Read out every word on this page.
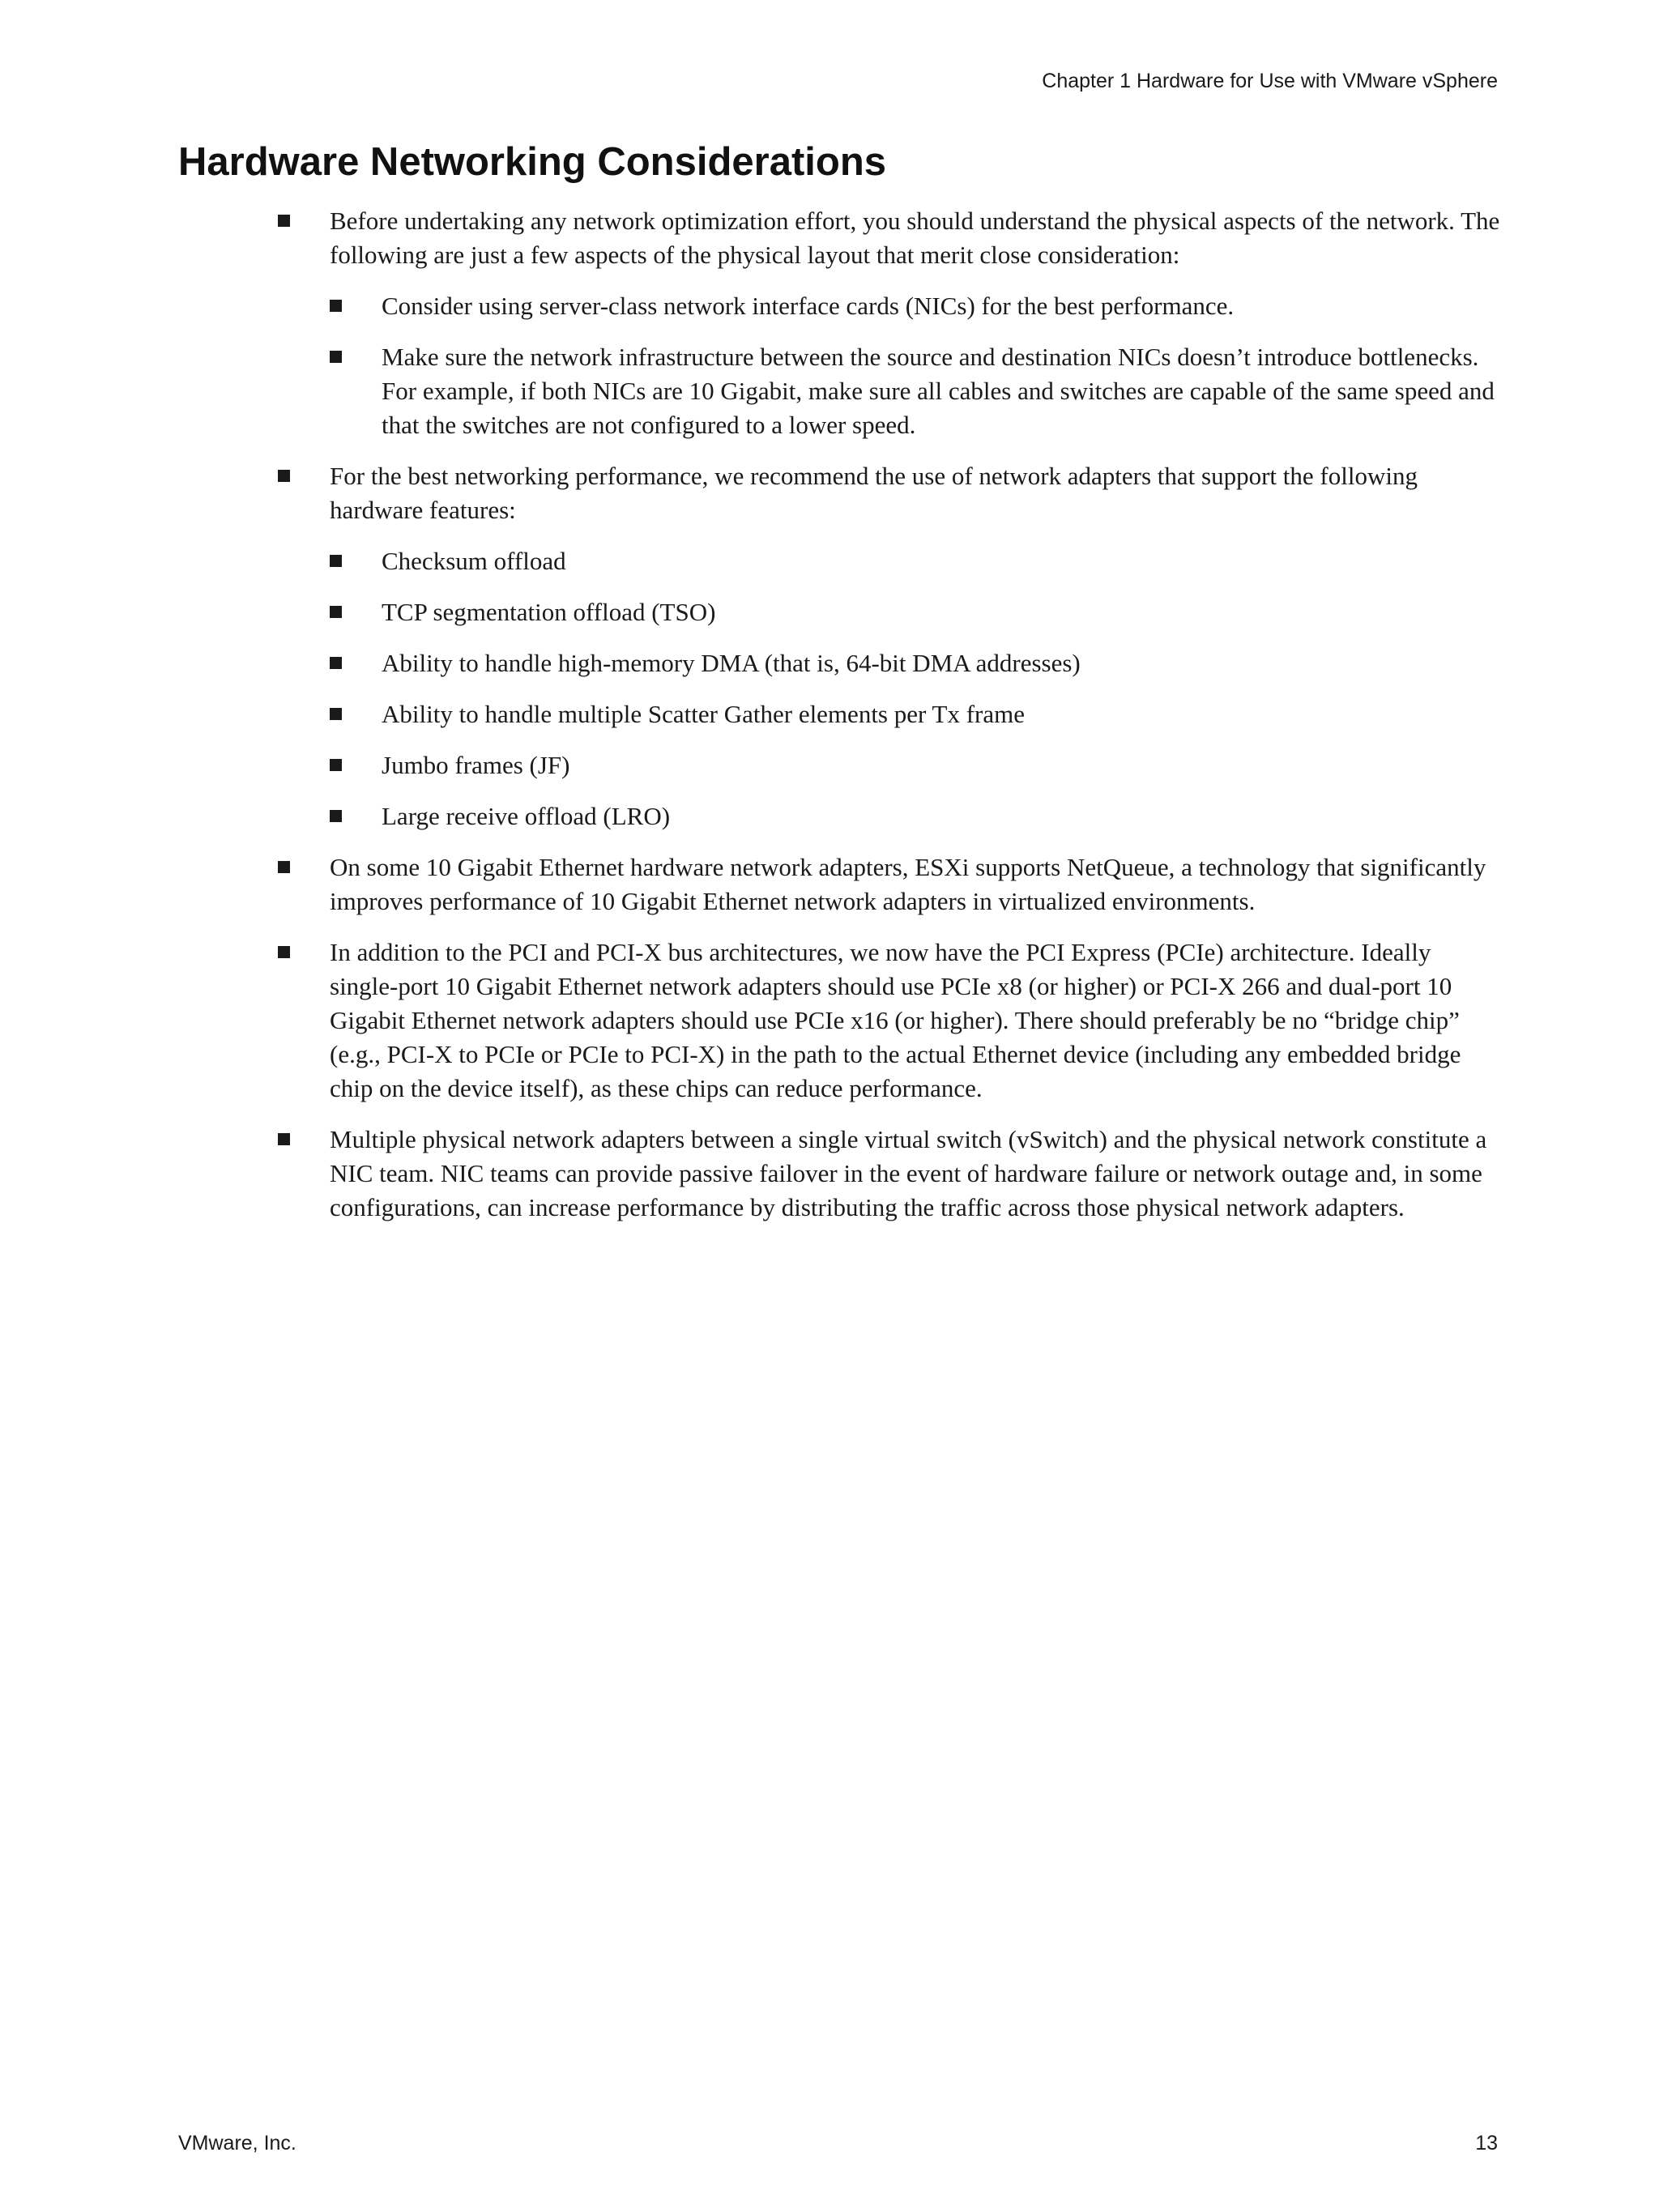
Chapter 1 Hardware for Use with VMware vSphere
Hardware Networking Considerations
Before undertaking any network optimization effort, you should understand the physical aspects of the network. The following are just a few aspects of the physical layout that merit close consideration:
Consider using server-class network interface cards (NICs) for the best performance.
Make sure the network infrastructure between the source and destination NICs doesn’t introduce bottlenecks. For example, if both NICs are 10 Gigabit, make sure all cables and switches are capable of the same speed and that the switches are not configured to a lower speed.
For the best networking performance, we recommend the use of network adapters that support the following hardware features:
Checksum offload
TCP segmentation offload (TSO)
Ability to handle high-memory DMA (that is, 64-bit DMA addresses)
Ability to handle multiple Scatter Gather elements per Tx frame
Jumbo frames (JF)
Large receive offload (LRO)
On some 10 Gigabit Ethernet hardware network adapters, ESXi supports NetQueue, a technology that significantly improves performance of 10 Gigabit Ethernet network adapters in virtualized environments.
In addition to the PCI and PCI-X bus architectures, we now have the PCI Express (PCIe) architecture. Ideally single-port 10 Gigabit Ethernet network adapters should use PCIe x8 (or higher) or PCI-X 266 and dual-port 10 Gigabit Ethernet network adapters should use PCIe x16 (or higher). There should preferably be no “bridge chip” (e.g., PCI-X to PCIe or PCIe to PCI-X) in the path to the actual Ethernet device (including any embedded bridge chip on the device itself), as these chips can reduce performance.
Multiple physical network adapters between a single virtual switch (vSwitch) and the physical network constitute a NIC team. NIC teams can provide passive failover in the event of hardware failure or network outage and, in some configurations, can increase performance by distributing the traffic across those physical network adapters.
VMware, Inc.	13
